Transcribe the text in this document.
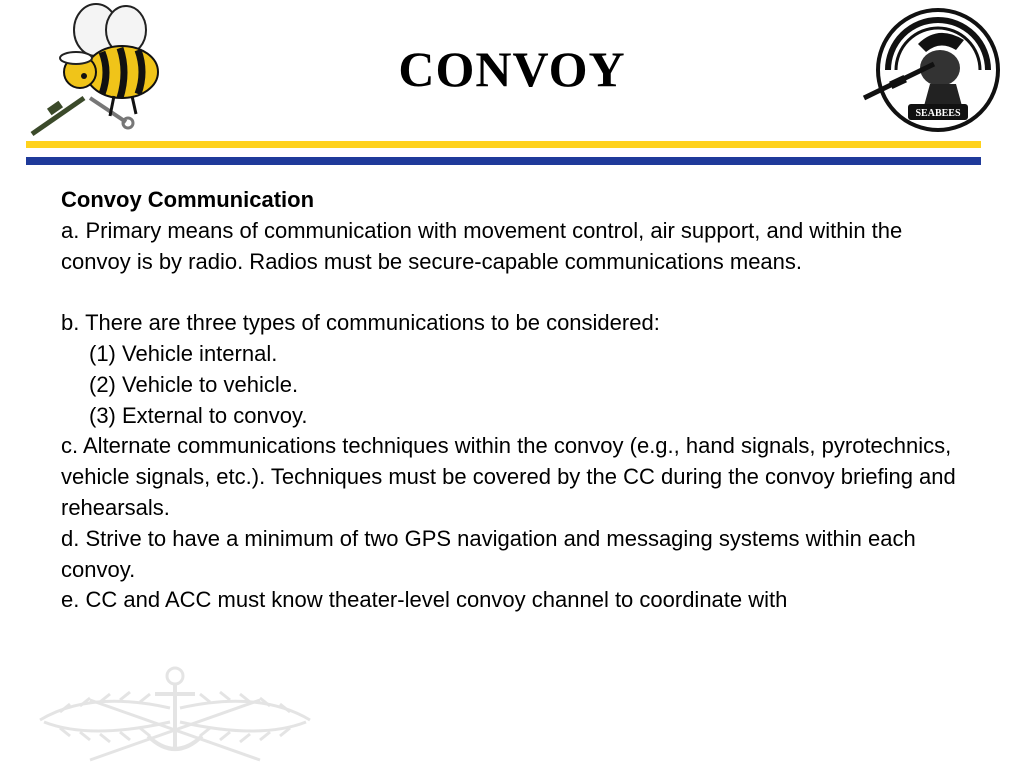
CONVOY
SEABEES

Convoy Communication

a. Primary means of communication with movement control, air support, and within the convoy is by radio. Radios must be secure-capable communications means.

b. There are three types of communications to be considered:

(1) Vehicle internal.

(2) Vehicle to vehicle.

(3) External to convoy.

c. Alternate communications techniques within the convoy (e.g., hand signals, pyrotechnics, vehicle signals, etc.). Techniques must be covered by the CC during the convoy briefing and rehearsals.

d. Strive to have a minimum of two GPS navigation and messaging systems within each convoy.

e. CC and ACC must know theater-level convoy channel to coordinate with
